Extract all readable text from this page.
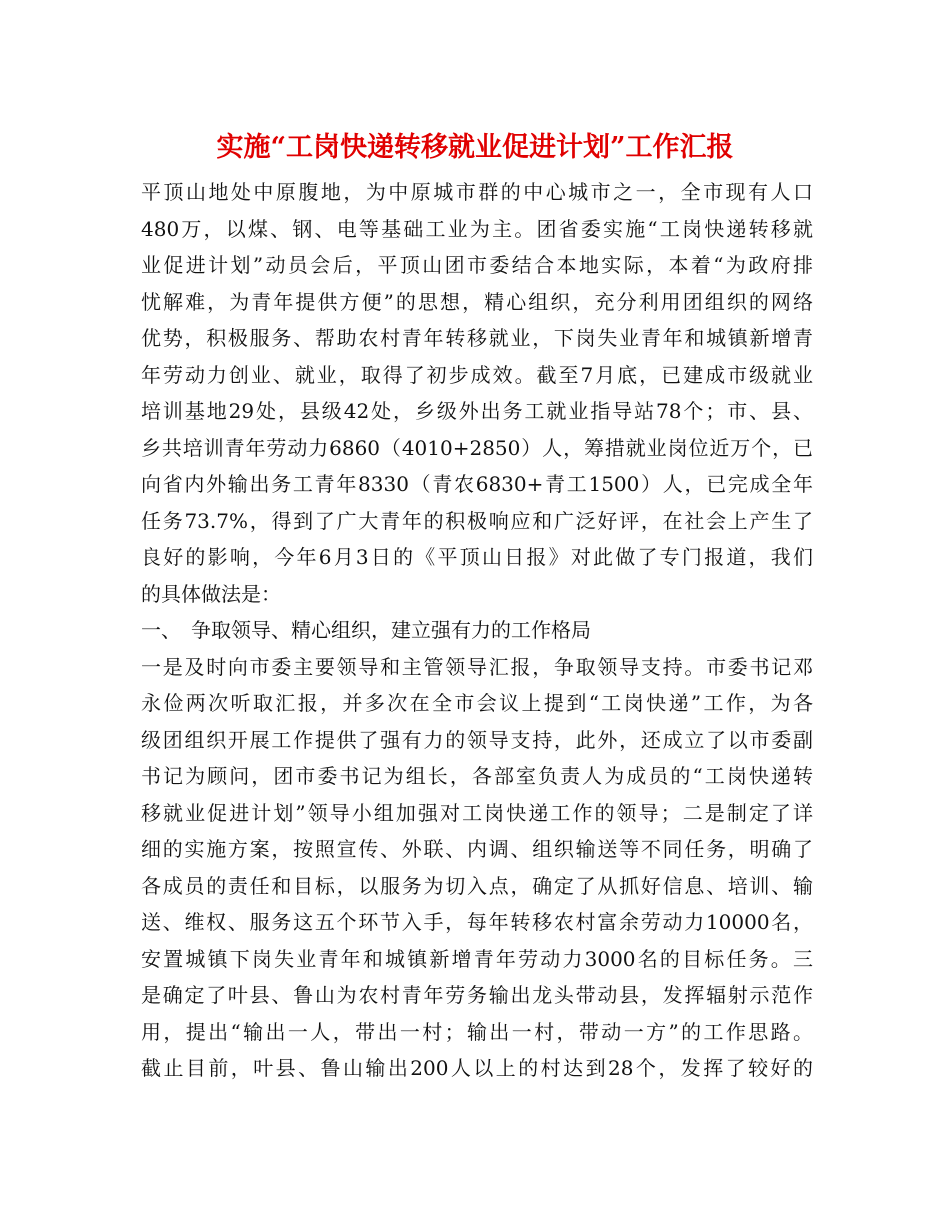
实施“工岗快递转移就业促进计划”工作汇报
平顶山地处中原腹地，为中原城市群的中心城市之一，全市现有人口
480万，以煤、钢、电等基础工业为主。团省委实施“工岗快递转移就
业促进计划”动员会后，平顶山团市委结合本地实际，本着“为政府排
忧解难，为青年提供方便”的思想，精心组织，充分利用团组织的网络
优势，积极服务、帮助农村青年转移就业，下岗失业青年和城镇新增青
年劳动力创业、就业，取得了初步成效。截至7月底，已建成市级就业
培训基地29处，县级42处，乡级外出务工就业指导站78个；市、县、
乡共培训青年劳动力6860（4010+2850）人，筹措就业岗位近万个，已
向省内外输出务工青年8330（青农6830+青工1500）人，已完成全年
任务73.7%，得到了广大青年的积极响应和广泛好评，在社会上产生了
良好的影响，今年6月3日的《平顶山日报》对此做了专门报道，我们
的具体做法是：
一、　争取领导、精心组织，建立强有力的工作格局
一是及时向市委主要领导和主管领导汇报，争取领导支持。市委书记邓
永俭两次听取汇报，并多次在全市会议上提到“工岗快递”工作，为各
级团组织开展工作提供了强有力的领导支持，此外，还成立了以市委副
书记为顾问，团市委书记为组长，各部室负责人为成员的“工岗快递转
移就业促进计划”领导小组加强对工岗快递工作的领导；二是制定了详
细的实施方案，按照宣传、外联、内调、组织输送等不同任务，明确了
各成员的责任和目标，以服务为切入点，确定了从抓好信息、培训、输
送、维权、服务这五个环节入手，每年转移农村富余劳动力10000名，
安置城镇下岗失业青年和城镇新增青年劳动力3000名的目标任务。三
是确定了叶县、鲁山为农村青年劳务输出龙头带动县，发挥辐射示范作
用，提出“输出一人，带出一村；输出一村，带动一方”的工作思路。
截止目前，叶县、鲁山输出200人以上的村达到28个，发挥了较好的
